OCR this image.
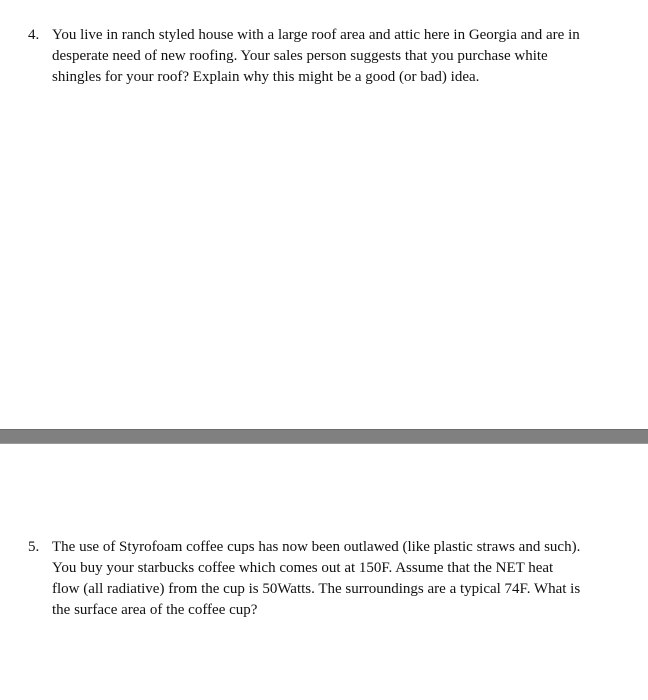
4. You live in ranch styled house with a large roof area and attic here in Georgia and are in
desperate need of new roofing. Your sales person suggests that you purchase white
shingles for your roof? Explain why this might be a good (or bad) idea.
5. The use of Styrofoam coffee cups has now been outlawed (like plastic straws and such).
You buy your starbucks coffee which comes out at 150F. Assume that the NET heat
flow (all radiative) from the cup is 50Watts. The surroundings are a typical 74F. What is
the surface area of the coffee cup?
